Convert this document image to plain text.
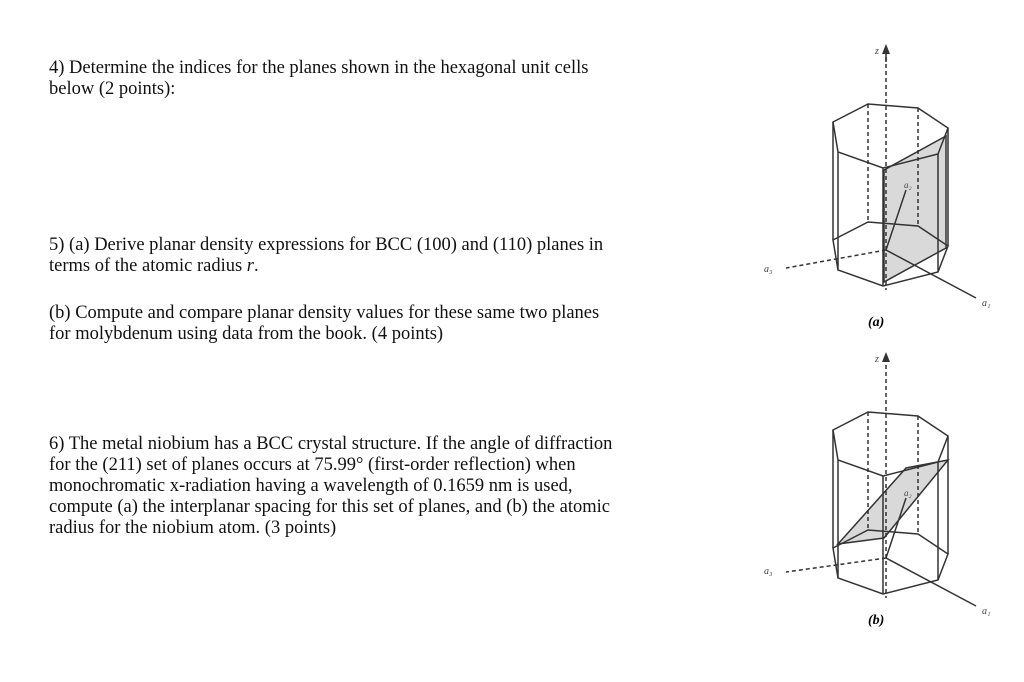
4) Determine the indices for the planes shown in the hexagonal unit cells

below (2 points):

5) (a) Derive planar density expressions for BCC (100) and (110) planes in

terms of the atomic radius r.

(b) Compute and compare planar density values for these same two planes

for molybdenum using data from the book. (4 points)

6) The metal niobium has a BCC crystal structure. If the angle of diffraction

for the (211) set of planes occurs at 75.99° (first-order reflection) when

monochromatic x-radiation having a wavelength of 0.1659 nm is used,

compute (a) the interplanar spacing for this set of planes, and (b) the atomic

radius for the niobium atom. (3 points)

z
a₁
a₂
a₃
(a)
z
a₁
a₂
a₃
(b)
